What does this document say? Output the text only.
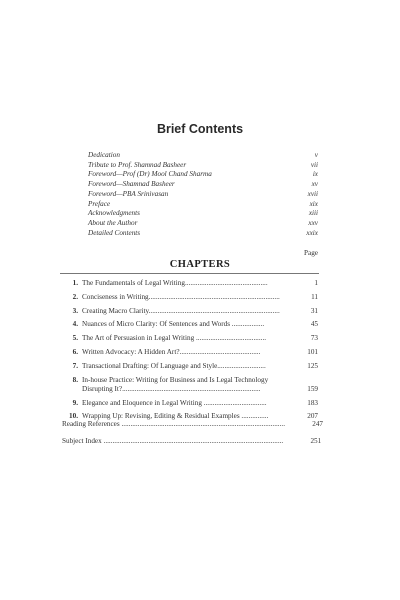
Brief Contents
Dedication	v
Tribute to Prof. Shamnad Basheer	vii
Foreword—Prof (Dr) Mool Chand Sharma	ix
Foreword—Shamnad Basheer	xv
Foreword—PBA Srinivasan	xvii
Preface	xix
Acknowledgments	xiii
About the Author	xxv
Detailed Contents	xxix
Page
CHAPTERS
1. The Fundamentals of Legal Writing..............................................	1
2. Conciseness in Writing.........................................................................	11
3. Creating Macro Clarity.........................................................................	31
4. Nuances of Micro Clarity: Of Sentences and Words ..................	45
5. The Art of Persuasion in Legal Writing .......................................	73
6. Written Advocacy: A Hidden Art?.............................................	101
7. Transactional Drafting: Of Language and Style...........................	125
8. In-house Practice: Writing for Business and Is Legal Technology Disrupting It?.............................................................................	159
9. Elegance and Eloquence in Legal Writing ...................................	183
10. Wrapping Up: Revising, Editing & Residual Examples ...............	207
Reading References ...........................................................................................	247
Subject Index ....................................................................................................	251
